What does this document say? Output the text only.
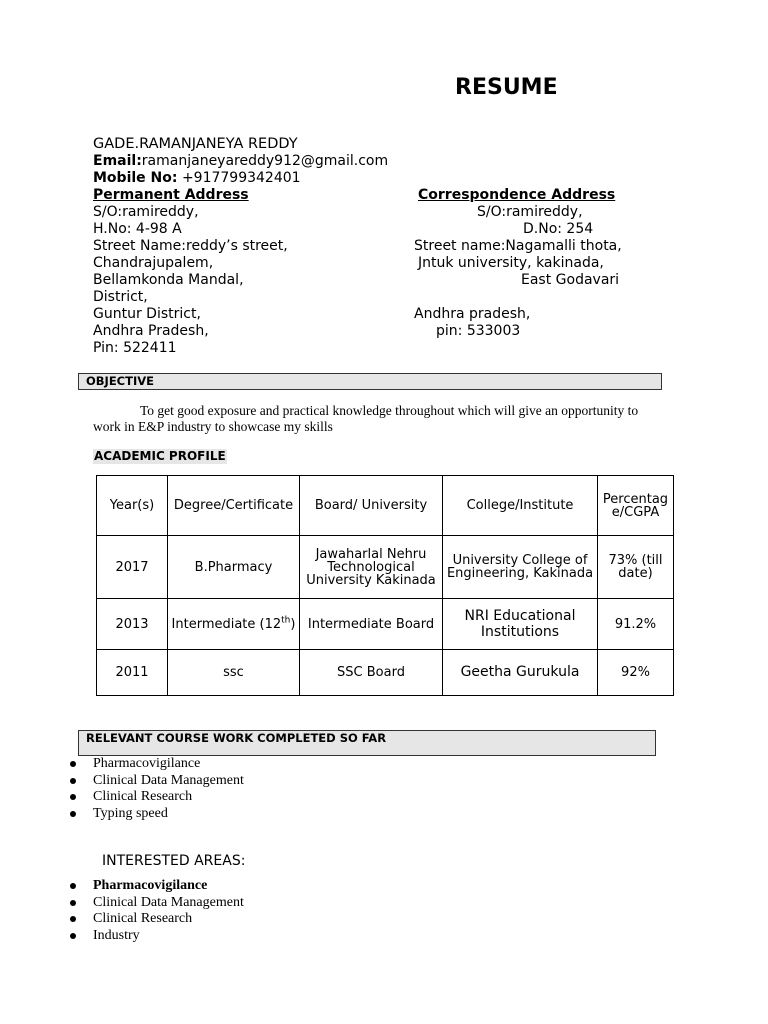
RESUME
GADE.RAMANJANEYA REDDY
Email:ramanjaneyareddy912@gmail.com
Mobile No: +917799342401
Permanent Address
S/O:ramireddy,
H.No: 4-98 A
Street Name:reddy’s street,
Chandrajupalem,
Bellamkonda Mandal,
District,
Guntur District,
Andhra Pradesh,
Pin: 522411
Correspondence Address
S/O:ramireddy,
D.No: 254
Street name:Nagamalli thota,
Jntuk university, kakinada,
East Godavari
Andhra pradesh,
pin: 533003
OBJECTIVE
To get good exposure and practical knowledge throughout which will give an opportunity to
work in E&P industry to showcase my skills
ACADEMIC PROFILE
Year(s)	Degree/Certificate	Board/ University	College/Institute	Percentage/CGPA
2017	B.Pharmacy	Jawaharlal Nehru Technological University Kakinada	University College of Engineering, Kakinada	73% (till date)
2013	Intermediate (12th)	Intermediate Board	NRI Educational Institutions	91.2%
2011	ssc	SSC Board	Geetha Gurukula	92%
RELEVANT COURSE WORK COMPLETED SO FAR
Pharmacovigilance
Clinical Data Management
Clinical Research
Typing speed
INTERESTED AREAS:
Pharmacovigilance
Clinical Data Management
Clinical Research
Industry
